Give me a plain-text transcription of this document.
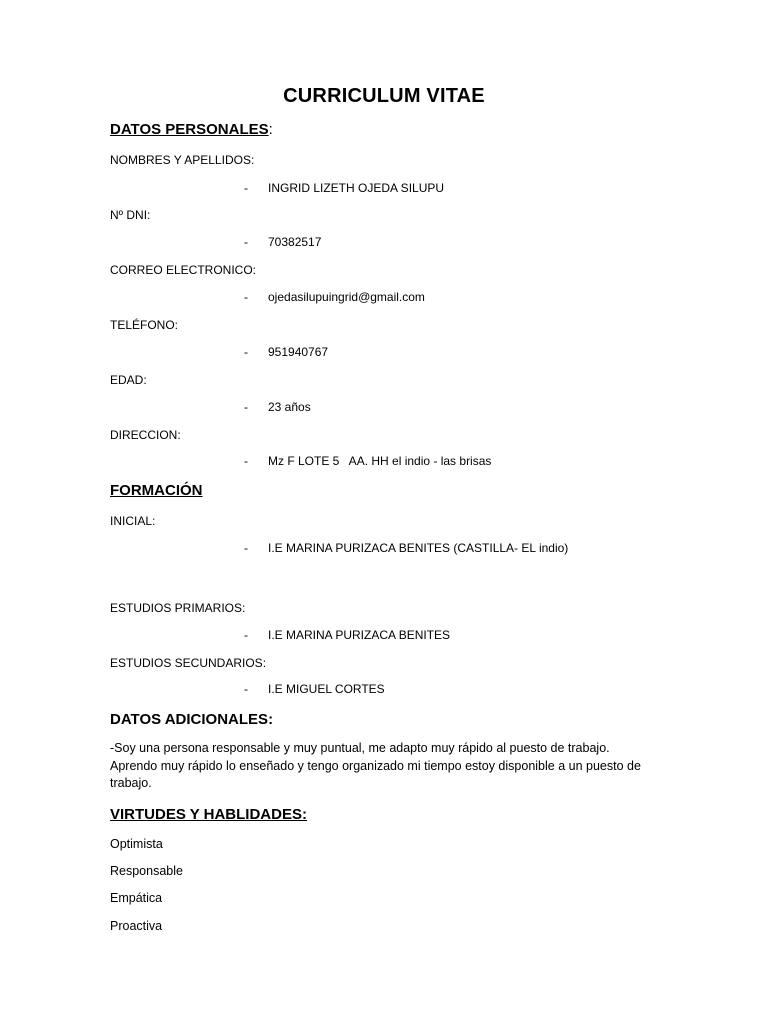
CURRICULUM VITAE
DATOS PERSONALES:
NOMBRES Y APELLIDOS:
- INGRID LIZETH OJEDA SILUPU
Nº DNI:
- 70382517
CORREO ELECTRONICO:
- ojedasilupuingrid@gmail.com
TELÉFONO:
- 951940767
EDAD:
- 23 años
DIRECCION:
- Mz F LOTE 5   AA. HH el indio - las brisas
FORMACIÓN
INICIAL:
- I.E MARINA PURIZACA BENITES (CASTILLA- EL indio)
ESTUDIOS PRIMARIOS:
- I.E MARINA PURIZACA BENITES
ESTUDIOS SECUNDARIOS:
- I.E MIGUEL CORTES
DATOS ADICIONALES:
-Soy una persona responsable y muy puntual, me adapto muy rápido al puesto de trabajo. Aprendo muy rápido lo enseñado y tengo organizado mi tiempo estoy disponible a un puesto de trabajo.
VIRTUDES Y HABLIDADES:
Optimista
Responsable
Empática
Proactiva
